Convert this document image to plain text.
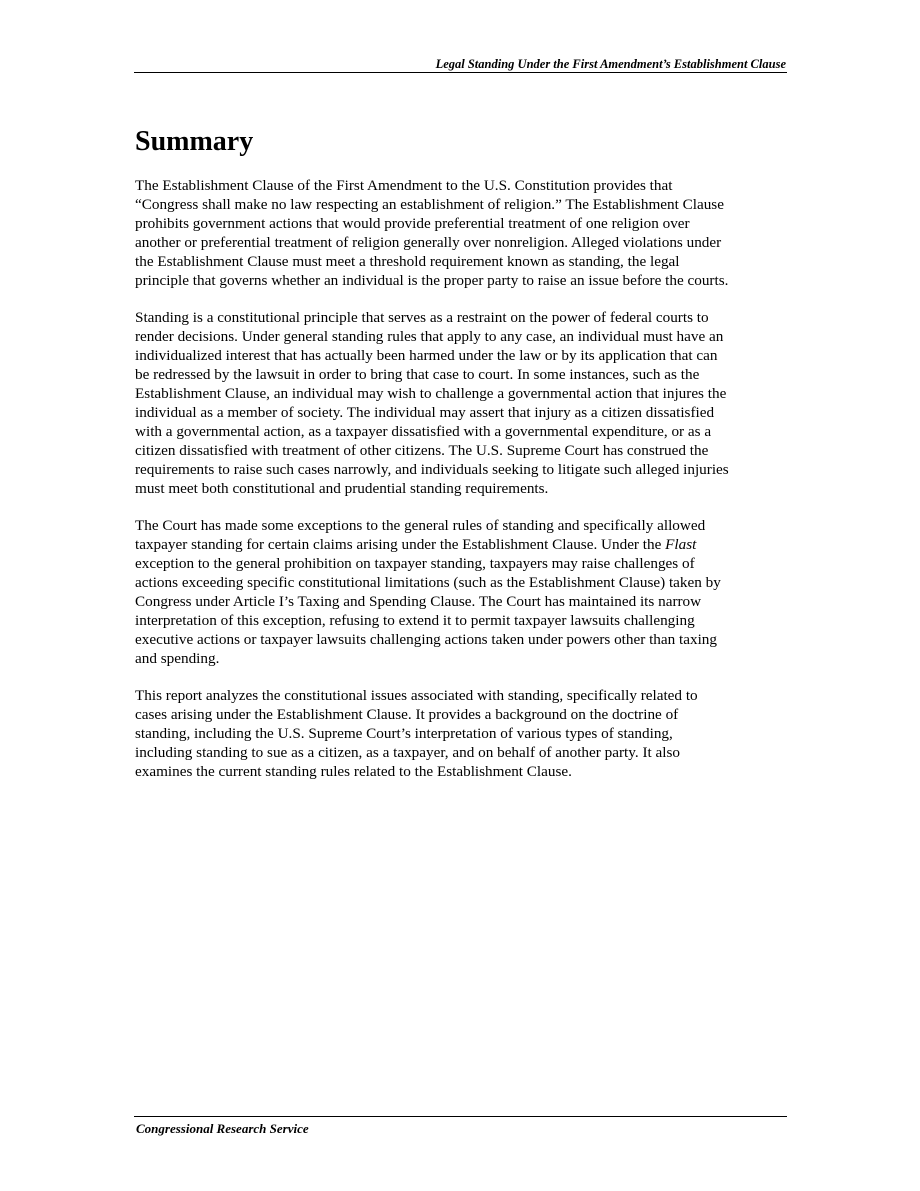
Legal Standing Under the First Amendment’s Establishment Clause
Summary

The Establishment Clause of the First Amendment to the U.S. Constitution provides that
“Congress shall make no law respecting an establishment of religion.” The Establishment Clause
prohibits government actions that would provide preferential treatment of one religion over
another or preferential treatment of religion generally over nonreligion. Alleged violations under
the Establishment Clause must meet a threshold requirement known as standing, the legal
principle that governs whether an individual is the proper party to raise an issue before the courts.

Standing is a constitutional principle that serves as a restraint on the power of federal courts to
render decisions. Under general standing rules that apply to any case, an individual must have an
individualized interest that has actually been harmed under the law or by its application that can
be redressed by the lawsuit in order to bring that case to court. In some instances, such as the
Establishment Clause, an individual may wish to challenge a governmental action that injures the
individual as a member of society. The individual may assert that injury as a citizen dissatisfied
with a governmental action, as a taxpayer dissatisfied with a governmental expenditure, or as a
citizen dissatisfied with treatment of other citizens. The U.S. Supreme Court has construed the
requirements to raise such cases narrowly, and individuals seeking to litigate such alleged injuries
must meet both constitutional and prudential standing requirements.

The Court has made some exceptions to the general rules of standing and specifically allowed
taxpayer standing for certain claims arising under the Establishment Clause. Under the Flast
exception to the general prohibition on taxpayer standing, taxpayers may raise challenges of
actions exceeding specific constitutional limitations (such as the Establishment Clause) taken by
Congress under Article I’s Taxing and Spending Clause. The Court has maintained its narrow
interpretation of this exception, refusing to extend it to permit taxpayer lawsuits challenging
executive actions or taxpayer lawsuits challenging actions taken under powers other than taxing
and spending.

This report analyzes the constitutional issues associated with standing, specifically related to
cases arising under the Establishment Clause. It provides a background on the doctrine of
standing, including the U.S. Supreme Court’s interpretation of various types of standing,
including standing to sue as a citizen, as a taxpayer, and on behalf of another party. It also
examines the current standing rules related to the Establishment Clause.

Congressional Research Service
